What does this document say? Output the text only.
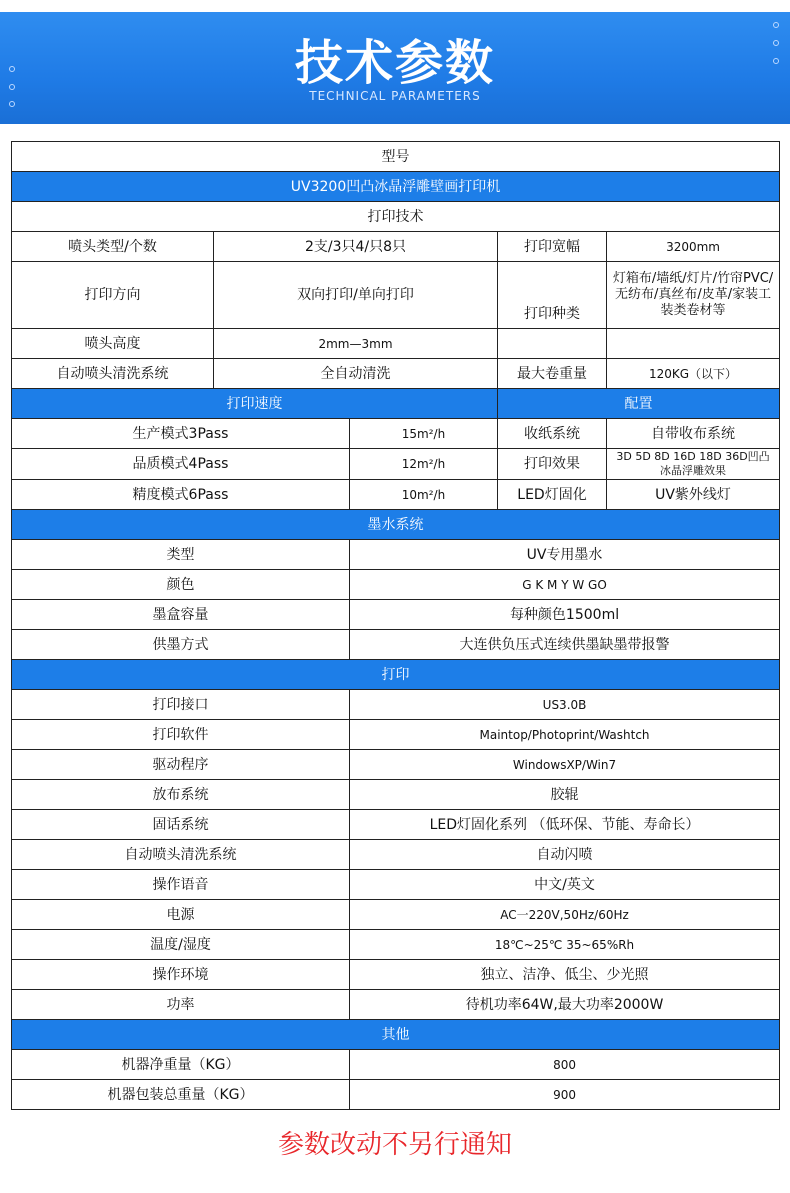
技术参数
TECHNICAL PARAMETERS
型号				
UV3200凹凸冰晶浮雕壁画打印机				
打印技术				
喷头类型/个数	2支/3只4/只8只		打印宽幅	3200mm
打印方向	双向打印/单向打印		打印种类	灯箱布/墙纸/灯片/竹帘PVC/无纺布/真丝布/皮革/家装工装类卷材等
喷头高度	2mm—3mm			
自动喷头清洗系统	全自动清洗		最大卷重量	120KG（以下）
打印速度			配置	
生产模式3Pass		15m²/h	收纸系统	自带收布系统
品质模式4Pass		12m²/h	打印效果	3D 5D 8D 16D 18D 36D凹凸冰晶浮雕效果
精度模式6Pass		10m²/h	LED灯固化	UV紫外线灯
墨水系统				
类型		UV专用墨水		
颜色		G K M Y W GO		
墨盒容量		每种颜色1500ml		
供墨方式		大连供负压式连续供墨缺墨带报警		
打印				
打印接口		US3.0B		
打印软件		Maintop/Photoprint/Washtch		
驱动程序		WindowsXP/Win7		
放布系统		胶辊		
固话系统		LED灯固化系列 （低环保、节能、寿命长）		
自动喷头清洗系统		自动闪喷		
操作语音		中文/英文		
电源		AC一220V,50Hz/60Hz		
温度/湿度		18℃~25℃ 35~65%Rh		
操作环境		独立、洁净、低尘、少光照		
功率		待机功率64W,最大功率2000W		
其他				
机器净重量（KG）		800		
机器包装总重量（KG）		900		
参数改动不另行通知
